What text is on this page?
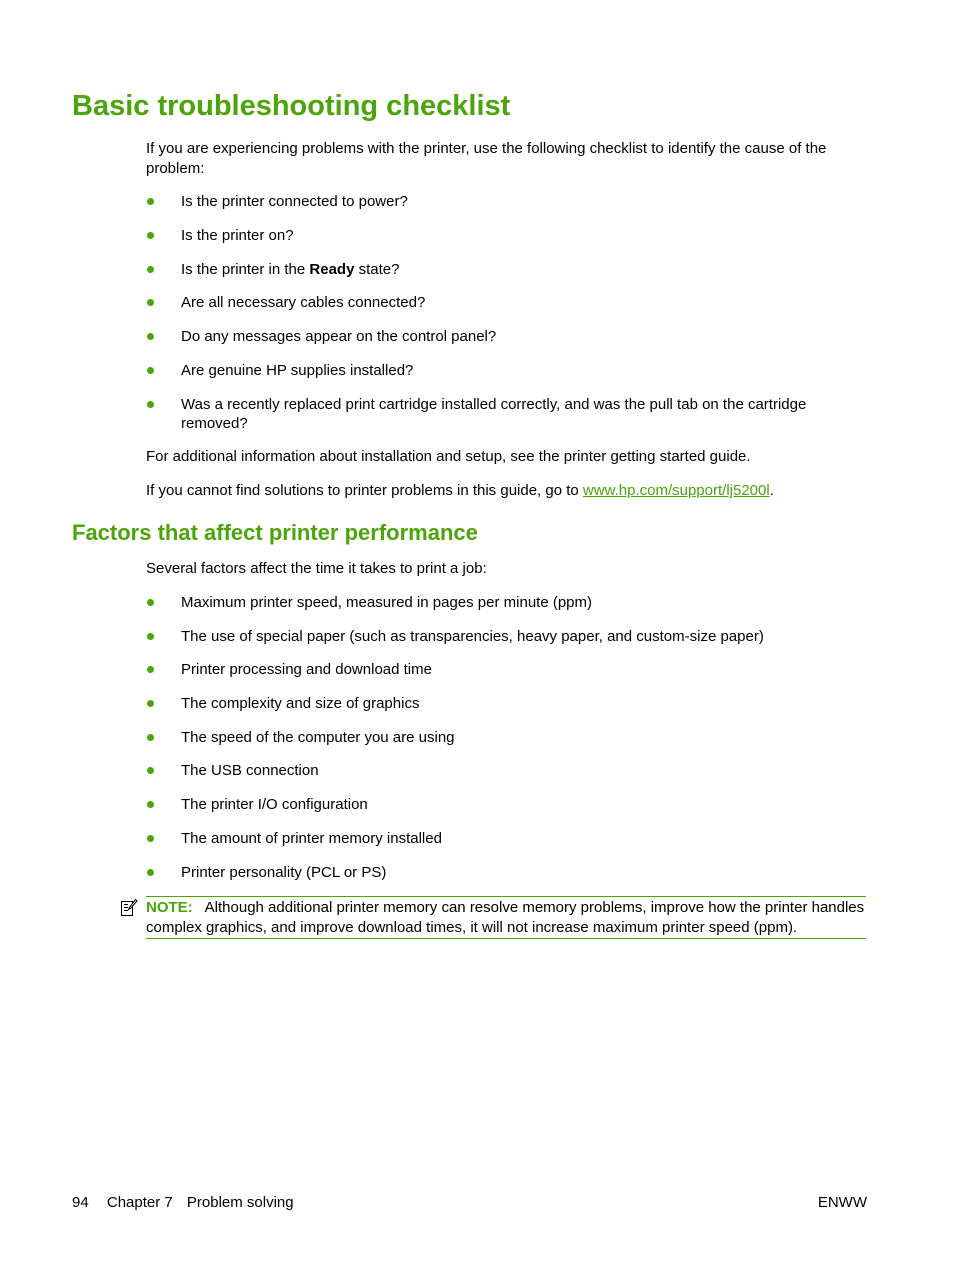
Basic troubleshooting checklist

If you are experiencing problems with the printer, use the following checklist to identify the cause of the problem:

Is the printer connected to power?
Is the printer on?
Is the printer in the Ready state?
Are all necessary cables connected?
Do any messages appear on the control panel?
Are genuine HP supplies installed?
Was a recently replaced print cartridge installed correctly, and was the pull tab on the cartridge removed?

For additional information about installation and setup, see the printer getting started guide.

If you cannot find solutions to printer problems in this guide, go to www.hp.com/support/lj5200l.

Factors that affect printer performance

Several factors affect the time it takes to print a job:

Maximum printer speed, measured in pages per minute (ppm)
The use of special paper (such as transparencies, heavy paper, and custom-size paper)
Printer processing and download time
The complexity and size of graphics
The speed of the computer you are using
The USB connection
The printer I/O configuration
The amount of printer memory installed
Printer personality (PCL or PS)
NOTE: Although additional printer memory can resolve memory problems, improve how the printer handles complex graphics, and improve download times, it will not increase maximum printer speed (ppm).
94 Chapter 7 Problem solving	ENWW
